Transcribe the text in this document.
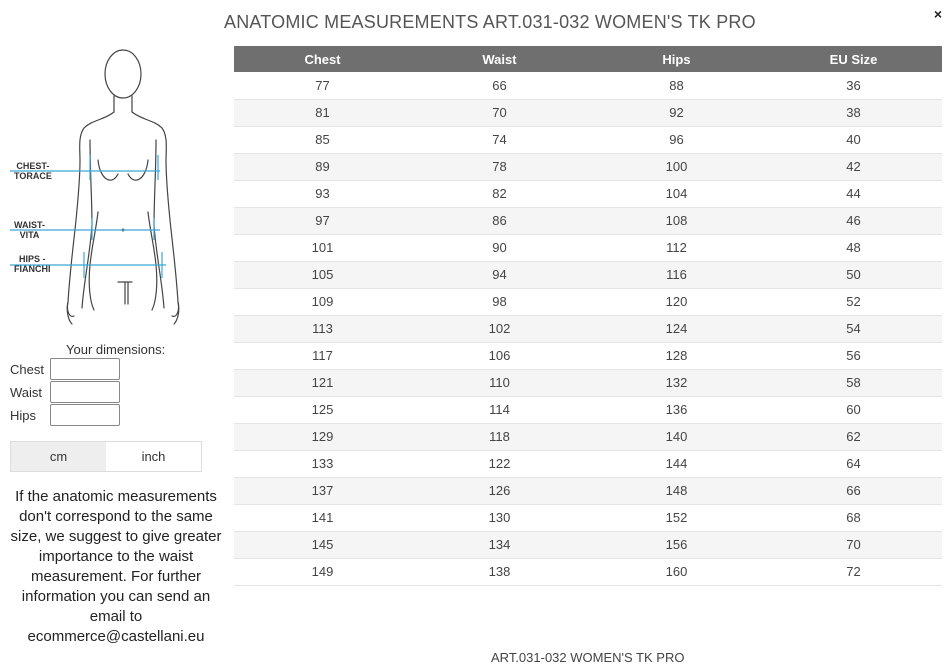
ANATOMIC MEASUREMENTS ART.031-032 WOMEN'S TK PRO	×
CHEST-
TORACE
WAIST-
VITA
HIPS -
FIANCHI
Your dimensions:
Chest
Waist
Hips
cm	inch
If the anatomic measurements don't correspond to the same size, we suggest to give greater importance to the waist measurement. For further information you can send an email to ecommerce@castellani.eu
Chest	Waist	Hips	EU Size
77	66	88	36
81	70	92	38
85	74	96	40
89	78	100	42
93	82	104	44
97	86	108	46
101	90	112	48
105	94	116	50
109	98	120	52
113	102	124	54
117	106	128	56
121	110	132	58
125	114	136	60
129	118	140	62
133	122	144	64
137	126	148	66
141	130	152	68
145	134	156	70
149	138	160	72
ART.031-032 WOMEN'S TK PRO
